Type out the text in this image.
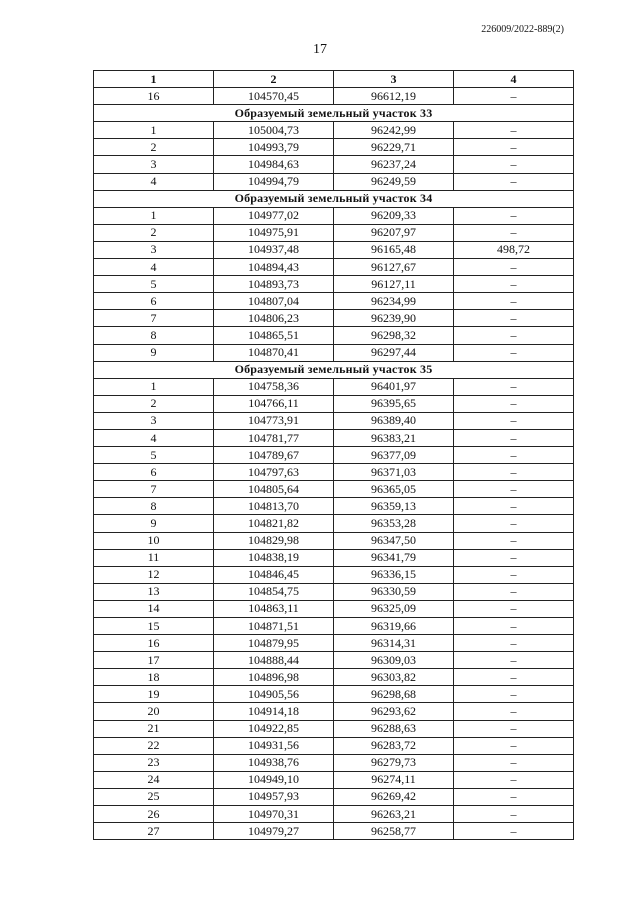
226009/2022-889(2)
17
1	2	3	4
16	104570,45	96612,19	–
Образуемый земельный участок 33			
1	105004,73	96242,99	–
2	104993,79	96229,71	–
3	104984,63	96237,24	–
4	104994,79	96249,59	–
Образуемый земельный участок 34			
1	104977,02	96209,33	–
2	104975,91	96207,97	–
3	104937,48	96165,48	498,72
4	104894,43	96127,67	–
5	104893,73	96127,11	–
6	104807,04	96234,99	–
7	104806,23	96239,90	–
8	104865,51	96298,32	–
9	104870,41	96297,44	–
Образуемый земельный участок 35			
1	104758,36	96401,97	–
2	104766,11	96395,65	–
3	104773,91	96389,40	–
4	104781,77	96383,21	–
5	104789,67	96377,09	–
6	104797,63	96371,03	–
7	104805,64	96365,05	–
8	104813,70	96359,13	–
9	104821,82	96353,28	–
10	104829,98	96347,50	–
11	104838,19	96341,79	–
12	104846,45	96336,15	–
13	104854,75	96330,59	–
14	104863,11	96325,09	–
15	104871,51	96319,66	–
16	104879,95	96314,31	–
17	104888,44	96309,03	–
18	104896,98	96303,82	–
19	104905,56	96298,68	–
20	104914,18	96293,62	–
21	104922,85	96288,63	–
22	104931,56	96283,72	–
23	104938,76	96279,73	–
24	104949,10	96274,11	–
25	104957,93	96269,42	–
26	104970,31	96263,21	–
27	104979,27	96258,77	–
